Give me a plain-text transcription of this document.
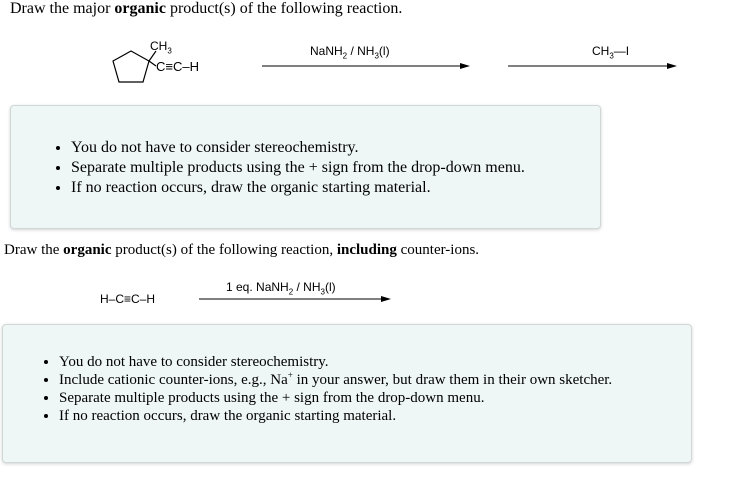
Draw the major organic product(s) of the following reaction.
$CH_3$
C≡C–H
NaNH$_2$ / $NH_3(l)$	$CH_3—I$
• You do not have to consider stereochemistry.
• Separate multiple products using the + sign from the drop-down menu.
• If no reaction occurs, draw the organic starting material.
Draw the organic product(s) of the following reaction, including counter-ions.
H–C≡C–H
1 eq. NaNH$_2$ / $NH_3(l)$
• You do not have to consider stereochemistry.
• Include cationic counter-ions, e.g., Na+ in your answer, but draw them in their own sketcher.
• Separate multiple products using the + sign from the drop-down menu.
• If no reaction occurs, draw the organic starting material.
